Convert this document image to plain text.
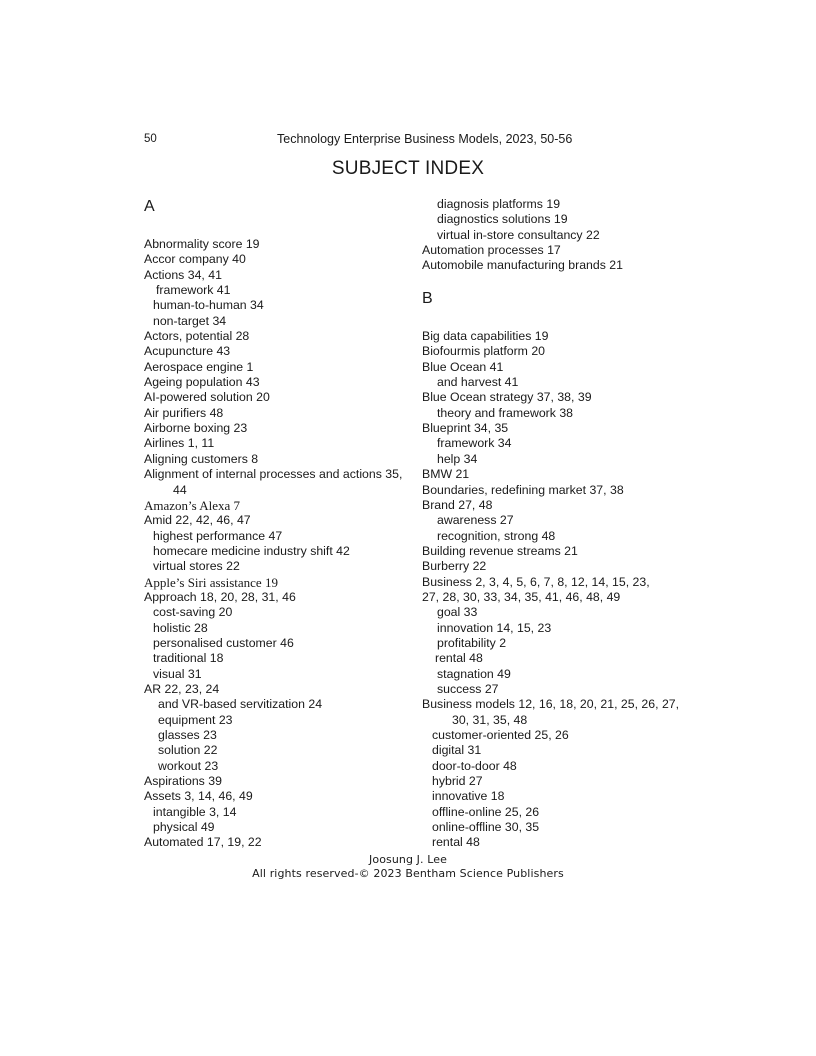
50	Technology Enterprise Business Models, 2023, 50-56
SUBJECT INDEX
A
Abnormality score 19
Accor company 40
Actions 34, 41
framework 41
human-to-human 34
non-target 34
Actors, potential 28
Acupuncture 43
Aerospace engine 1
Ageing population 43
AI-powered solution 20
Air purifiers 48
Airborne boxing 23
Airlines 1, 11
Aligning customers 8
Alignment of internal processes and actions 35, 44
Amazon’s Alexa 7
Amid 22, 42, 46, 47
highest performance 47
homecare medicine industry shift 42
virtual stores 22
Apple’s Siri assistance 19
Approach 18, 20, 28, 31, 46
cost-saving 20
holistic 28
personalised customer 46
traditional 18
visual 31
AR 22, 23, 24
and VR-based servitization 24
equipment 23
glasses 23
solution 22
workout 23
Aspirations 39
Assets 3, 14, 46, 49
intangible 3, 14
physical 49
Automated 17, 19, 22
diagnosis platforms 19
diagnostics solutions 19
virtual in-store consultancy 22
Automation processes 17
Automobile manufacturing brands 21
B
Big data capabilities 19
Biofourmis platform 20
Blue Ocean 41
and harvest 41
Blue Ocean strategy 37, 38, 39
theory and framework 38
Blueprint 34, 35
framework 34
help 34
BMW 21
Boundaries, redefining market 37, 38
Brand 27, 48
awareness 27
recognition, strong 48
Building revenue streams 21
Burberry 22
Business 2, 3, 4, 5, 6, 7, 8, 12, 14, 15, 23,
27, 28, 30, 33, 34, 35, 41, 46, 48, 49
goal 33
innovation 14, 15, 23
profitability 2
rental 48
stagnation 49
success 27
Business models 12, 16, 18, 20, 21, 25, 26, 27,
30, 31, 35, 48
customer-oriented 25, 26
digital 31
door-to-door 48
hybrid 27
innovative 18
offline-online 25, 26
online-offline 30, 35
rental 48
Joosung J. Lee
All rights reserved-© 2023 Bentham Science Publishers
